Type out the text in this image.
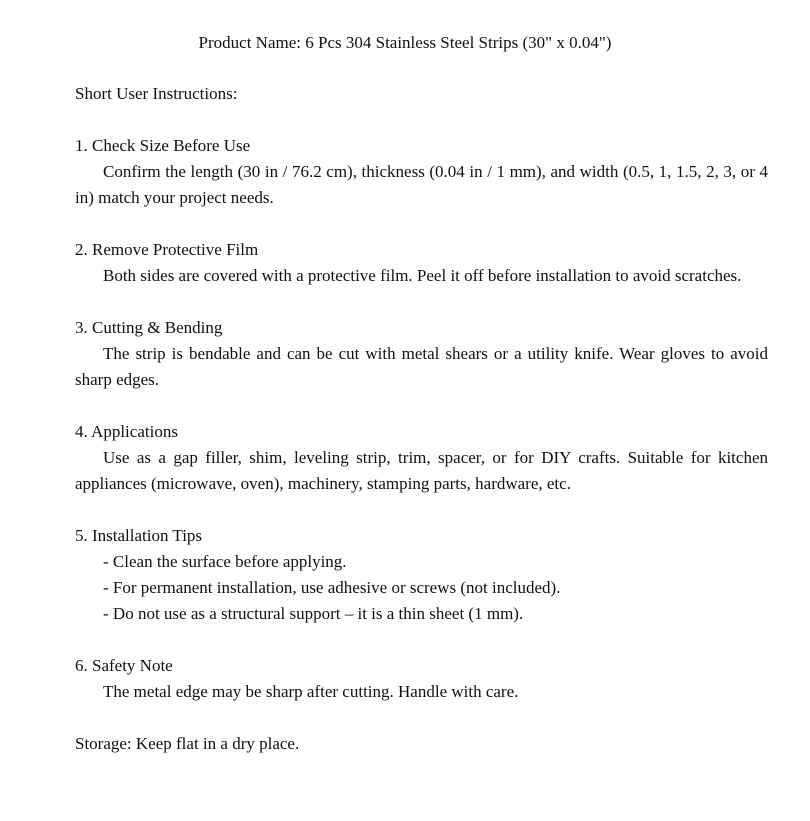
Product Name: 6 Pcs 304 Stainless Steel Strips (30" x 0.04")
Short User Instructions:
1. Check Size Before Use
Confirm the length (30 in / 76.2 cm), thickness (0.04 in / 1 mm), and width (0.5, 1, 1.5, 2, 3, or 4 in) match your project needs.
2. Remove Protective Film
Both sides are covered with a protective film. Peel it off before installation to avoid scratches.
3. Cutting & Bending
The strip is bendable and can be cut with metal shears or a utility knife. Wear gloves to avoid sharp edges.
4. Applications
Use as a gap filler, shim, leveling strip, trim, spacer, or for DIY crafts. Suitable for kitchen appliances (microwave, oven), machinery, stamping parts, hardware, etc.
5. Installation Tips
- Clean the surface before applying.
- For permanent installation, use adhesive or screws (not included).
- Do not use as a structural support – it is a thin sheet (1 mm).
6. Safety Note
The metal edge may be sharp after cutting. Handle with care.
Storage: Keep flat in a dry place.
